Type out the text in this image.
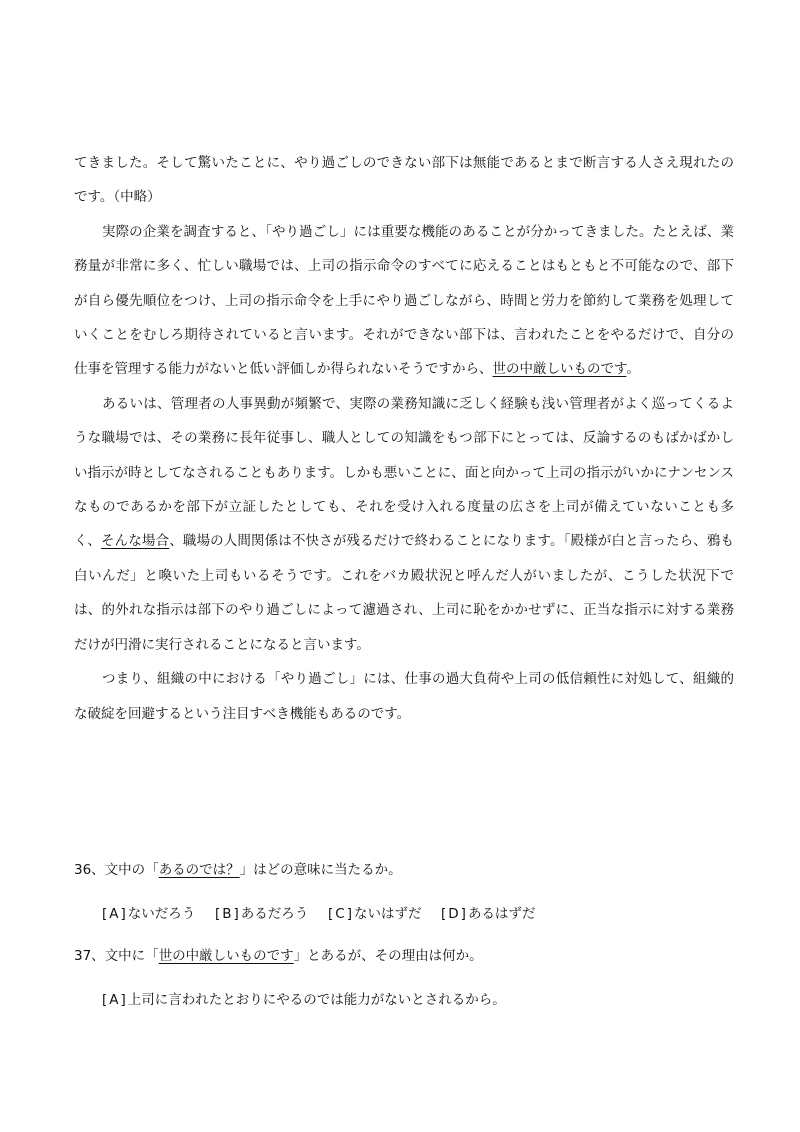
てきました。そして驚いたことに、やり過ごしのできない部下は無能であるとまで断言する人さえ現れたのです。（中略）

実際の企業を調査すると、「やり過ごし」には重要な機能のあることが分かってきました。たとえば、業務量が非常に多く、忙しい職場では、上司の指示命令のすべてに応えることはもともと不可能なので、部下が自ら優先順位をつけ、上司の指示命令を上手にやり過ごしながら、時間と労力を節約して業務を処理していくことをむしろ期待されていると言います。それができない部下は、言われたことをやるだけで、自分の仕事を管理する能力がないと低い評価しか得られないそうですから、世の中厳しいものです。

あるいは、管理者の人事異動が頻繁で、実際の業務知識に乏しく経験も浅い管理者がよく巡ってくるような職場では、その業務に長年従事し、職人としての知識をもつ部下にとっては、反論するのもばかばかしい指示が時としてなされることもあります。しかも悪いことに、面と向かって上司の指示がいかにナンセンスなものであるかを部下が立証したとしても、それを受け入れる度量の広さを上司が備えていないことも多く、そんな場合、職場の人間関係は不快さが残るだけで終わることになります。「殿様が白と言ったら、鴉も白いんだ」と喚いた上司もいるそうです。これをバカ殿状況と呼んだ人がいましたが、こうした状況下では、的外れな指示は部下のやり過ごしによって濾過され、上司に恥をかかせずに、正当な指示に対する業務だけが円滑に実行されることになると言います。

つまり、組織の中における「やり過ごし」には、仕事の過大負荷や上司の低信頼性に対処して、組織的な破綻を回避するという注目すべき機能もあるのです。

36、文中の「あるのでは？」はどの意味に当たるか。
[A]ないだろう	[B]あるだろう	[C]ないはずだ	[D]あるはずだ
37、文中に「世の中厳しいものです」とあるが、その理由は何か。
[A]上司に言われたとおりにやるのでは能力がないとされるから。
